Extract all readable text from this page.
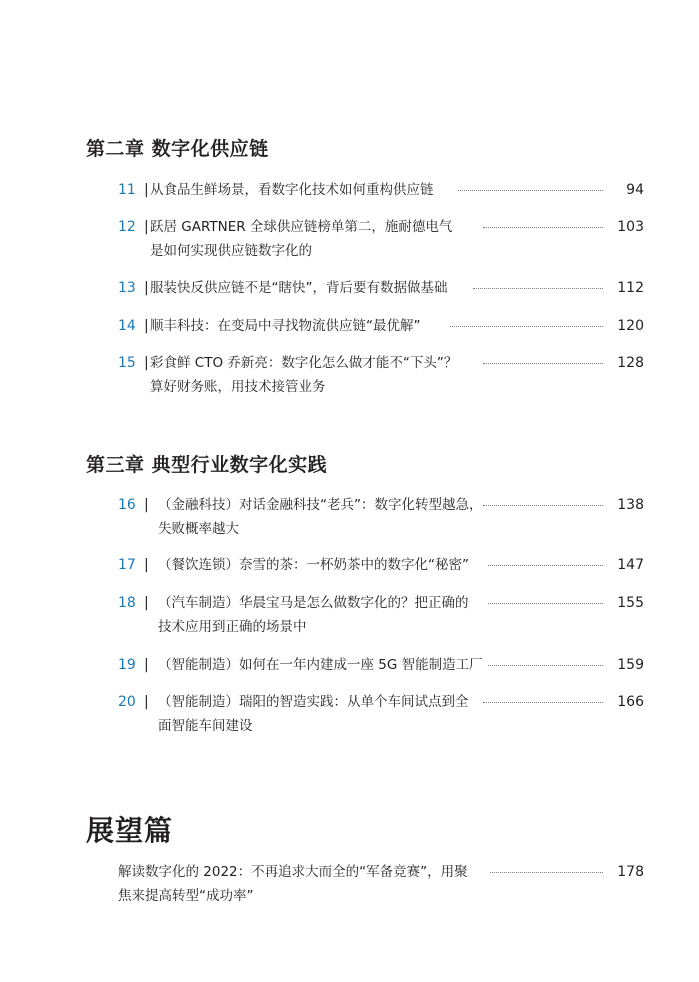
第二章 数字化供应链
11 | 从食品生鲜场景，看数字化技术如何重构供应链	94
12 | 跃居 GARTNER 全球供应链榜单第二，施耐德电气
是如何实现供应链数字化的
103
13 | 服装快反供应链不是“瞎快”，背后要有数据做基础	112
14 | 顺丰科技：在变局中寻找物流供应链“最优解”	120
15 | 彩食鲜 CTO 乔新亮：数字化怎么做才能不“下头”？
算好财务账，用技术接管业务
128
第三章 典型行业数字化实践
16 | （金融科技）对话金融科技“老兵”：数字化转型越急，
失败概率越大
138
17 | （餐饮连锁）奈雪的茶：一杯奶茶中的数字化“秘密”	147
18 | （汽车制造）华晨宝马是怎么做数字化的？把正确的
技术应用到正确的场景中
155
19 | （智能制造）如何在一年内建成一座 5G 智能制造工厂	159
20 | （智能制造）瑞阳的智造实践：从单个车间试点到全
面智能车间建设
166
展望篇
解读数字化的 2022：不再追求大而全的“军备竞赛”，用聚
焦来提高转型“成功率”
178
